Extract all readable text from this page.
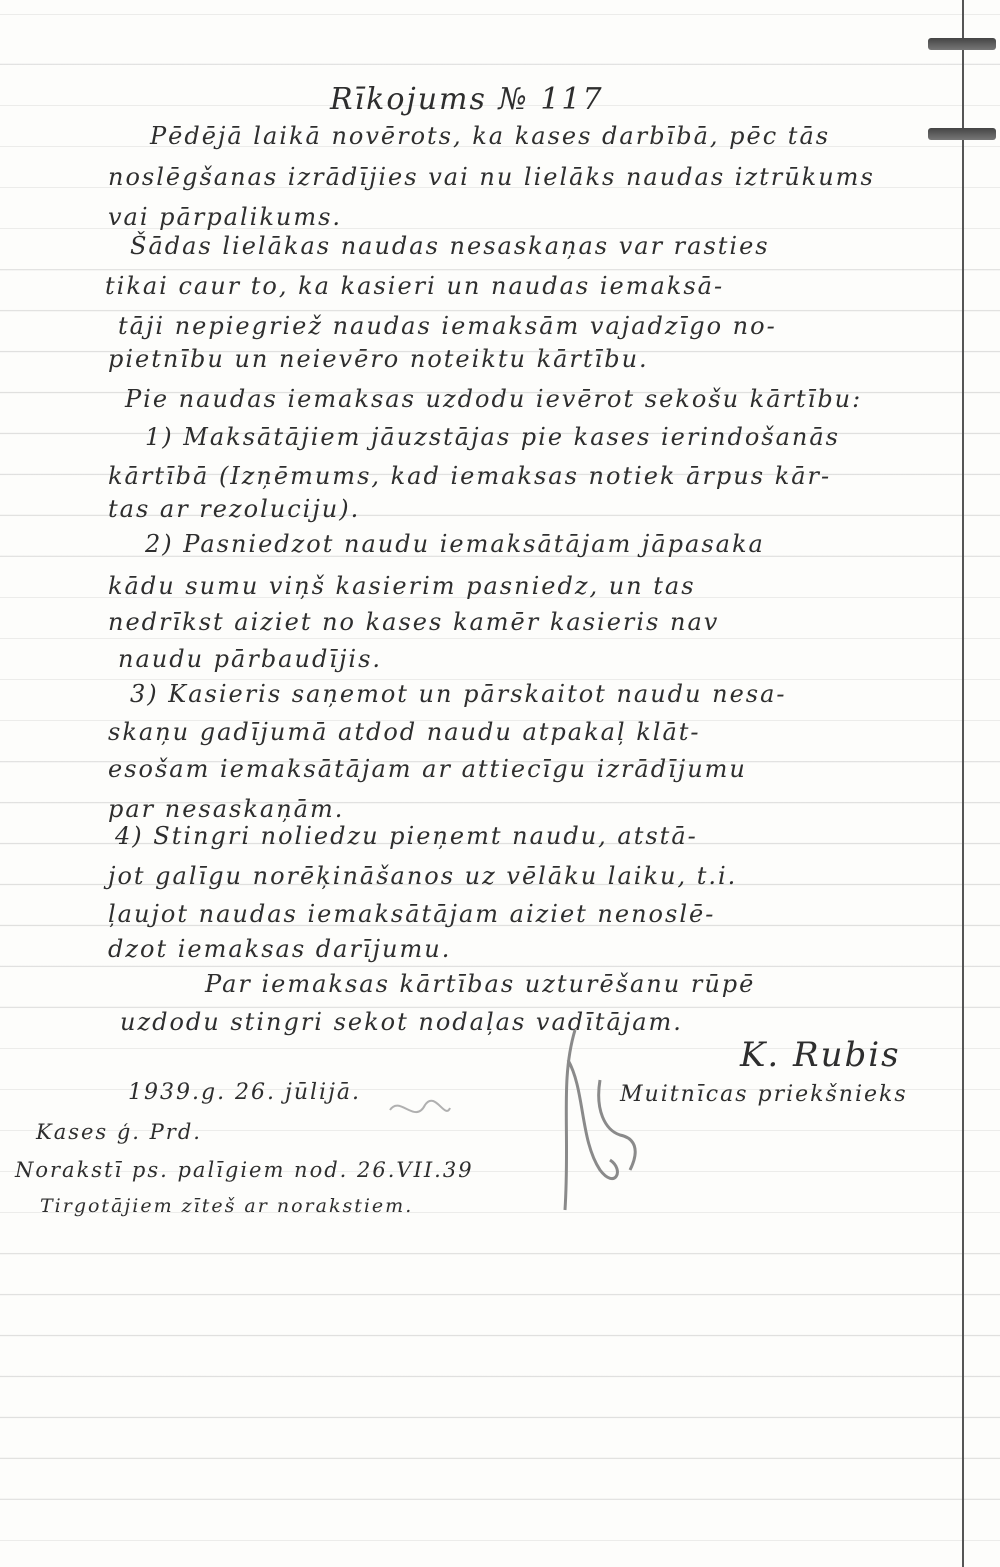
Rīkojums № 117
Pēdējā laikā novērots, ka kases darbībā, pēc tās
noslēgšanas izrādījies vai nu lielāks naudas iztrūkums
vai pārpalikums.
Šādas lielākas naudas nesaskaņas var rasties
tikai caur to, ka kasieri un naudas iemaksā-
tāji nepiegriež naudas iemaksām vajadzīgo no-
pietnību un neievēro noteiktu kārtību.
Pie naudas iemaksas uzdodu ievērot sekošu kārtību:
1) Maksātājiem jāuzstājas pie kases ierindošanās
kārtībā (Izņēmums, kad iemaksas notiek ārpus kār-
tas ar rezoluciju).
2) Pasniedzot naudu iemaksātājam jāpasaka
kādu sumu viņš kasierim pasniedz, un tas
nedrīkst aiziet no kases kamēr kasieris nav
naudu pārbaudījis.
3) Kasieris saņemot un pārskaitot naudu nesa-
skaņu gadījumā atdod naudu atpakaļ klāt-
esošam iemaksātājam ar attiecīgu izrādījumu
par nesaskaņām.
4) Stingri noliedzu pieņemt naudu, atstā-
jot galīgu norēķināšanos uz vēlāku laiku, t.i.
ļaujot naudas iemaksātājam aiziet nenoslē-
dzot iemaksas darījumu.
Par iemaksas kārtības uzturēšanu rūpē
uzdodu stingri sekot nodaļas vadītājam.
K. Rubis
Muitnīcas priekšnieks
1939.g. 26. jūlijā.
Kases ģ. Prd.
Norakstī ps. palīgiem nod. 26.VII.39
Tirgotājiem zīteš ar norakstiem.
